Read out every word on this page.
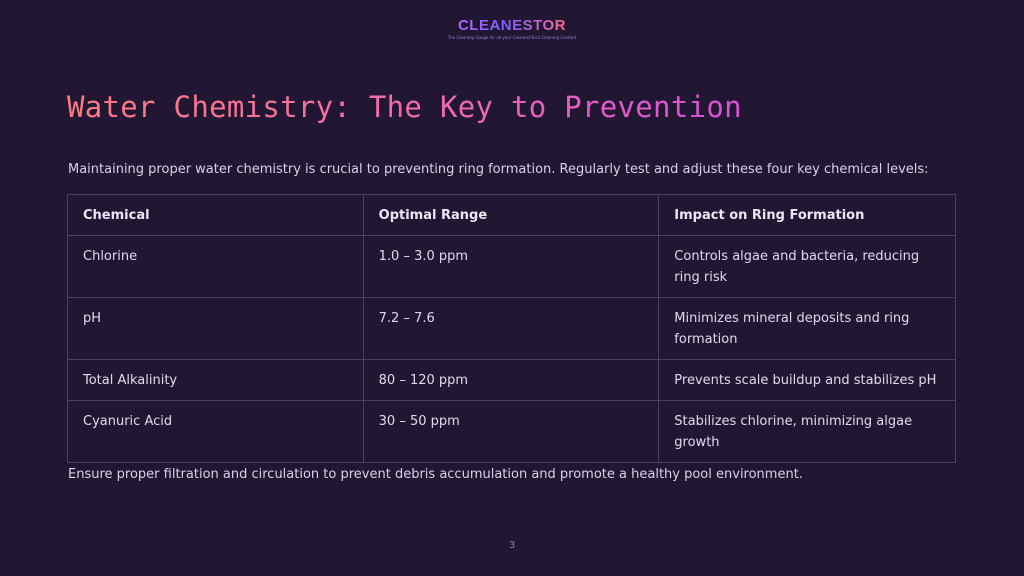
CLEANESTOR
The Cleaning Gauge for all your Cleanest-Tech Cleaning Content
Water Chemistry: The Key to Prevention

Maintaining proper water chemistry is crucial to preventing ring formation. Regularly test and adjust these four key chemical levels:

Chemical	Optimal Range	Impact on Ring Formation
Chlorine	1.0 – 3.0 ppm	Controls algae and bacteria, reducing ring risk
pH	7.2 – 7.6	Minimizes mineral deposits and ring formation
Total Alkalinity	80 – 120 ppm	Prevents scale buildup and stabilizes pH
Cyanuric Acid	30 – 50 ppm	Stabilizes chlorine, minimizing algae growth

Ensure proper filtration and circulation to prevent debris accumulation and promote a healthy pool environment.

3
